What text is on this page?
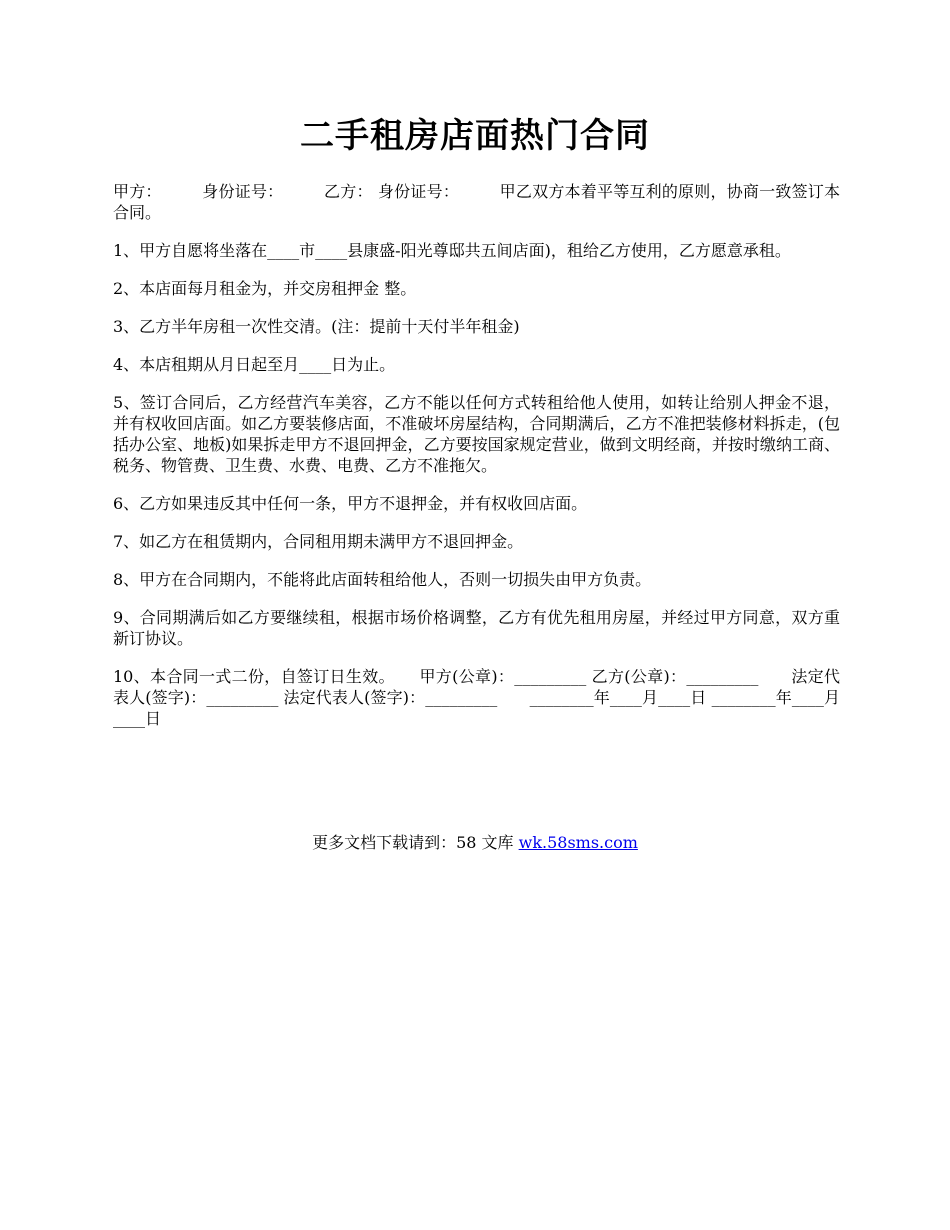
二手租房店面热门合同

甲方：　　　身份证号：　　　乙方： 身份证号：　　　甲乙双方本着平等互利的原则，协商一致签订本合同。

1、甲方自愿将坐落在____市____县康盛-阳光尊邸共五间店面)，租给乙方使用，乙方愿意承租。

2、本店面每月租金为，并交房租押金 整。

3、乙方半年房租一次性交清。(注：提前十天付半年租金)

4、本店租期从月日起至月____日为止。

5、签订合同后，乙方经营汽车美容，乙方不能以任何方式转租给他人使用，如转让给别人押金不退，并有权收回店面。如乙方要装修店面，不准破坏房屋结构，合同期满后，乙方不准把装修材料拆走，(包括办公室、地板)如果拆走甲方不退回押金，乙方要按国家规定营业，做到文明经商，并按时缴纳工商、税务、物管费、卫生费、水费、电费、乙方不准拖欠。

6、乙方如果违反其中任何一条，甲方不退押金，并有权收回店面。

7、如乙方在租赁期内，合同租用期未满甲方不退回押金。

8、甲方在合同期内，不能将此店面转租给他人，否则一切损失由甲方负责。

9、合同期满后如乙方要继续租，根据市场价格调整，乙方有优先租用房屋，并经过甲方同意，双方重新订协议。

10、本合同一式二份，自签订日生效。　　甲方(公章)：_________ 乙方(公章)：_________　　法定代表人(签字)：_________ 法定代表人(签字)：_________　　________年____月____日 ________年____月____日

更多文档下载请到：58 文库 wk.58sms.com
